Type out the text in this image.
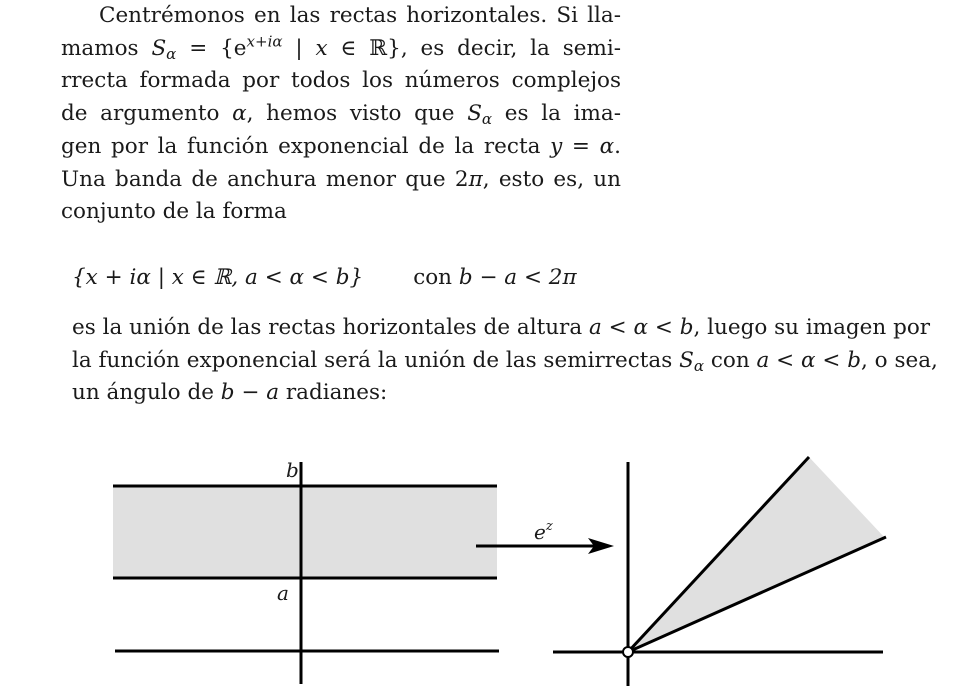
Centrémonos en las rectas horizontales. Si lla-
mamos $S_\alpha = \{e^{x+i\alpha}$ | x ∈ ℝ}, es decir, la semi-
rrecta formada por todos los números complejos
de argumento α, hemos visto que $S_\alpha$ es la ima-
gen por la función exponencial de la recta y = α.
Una banda de anchura menor que 2π, esto es, un
conjunto de la forma
{x + iα | x ∈ ℝ, a < α < b} con b − a < 2π
es la unión de las rectas horizontales de altura a < α < b, luego su imagen por
la función exponencial será la unión de las semirrectas $S_\alpha$ con a < α < b, o sea,
un ángulo de b − a radianes:
b
a
$e^z$
